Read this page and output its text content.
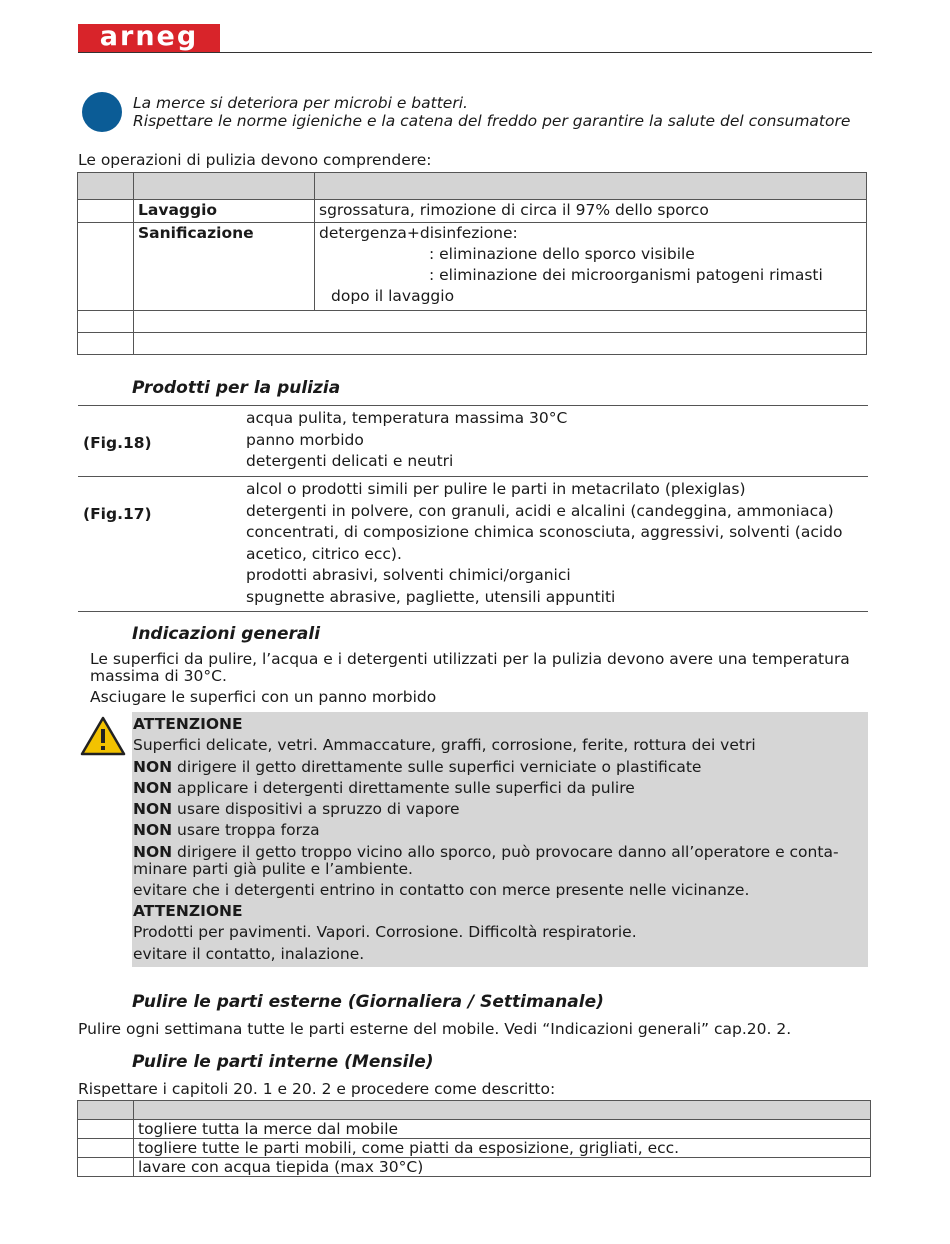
arneg
La merce si deteriora per microbi e batteri.
Rispettare le norme igieniche e la catena del freddo per garantire la salute del consumatore
Le operazioni di pulizia devono comprendere:

	Lavaggio	sgrossatura, rimozione di circa il 97% dello sporco
	Sanificazione	detergenza+disinfezione:
: eliminazione dello sporco visibile
: eliminazione dei microorganismi patogeni rimasti
dopo il lavaggio

Prodotti per la pulizia
(Fig.18)
acqua pulita, temperatura massima 30°C
panno morbido
detergenti delicati e neutri
(Fig.17)
alcol o prodotti simili per pulire le parti in metacrilato (plexiglas)
detergenti in polvere, con granuli, acidi e alcalini (candeggina, ammoniaca)
concentrati, di composizione chimica sconosciuta, aggressivi, solventi (acido
acetico, citrico ecc).
prodotti abrasivi, solventi chimici/organici
spugnette abrasive, pagliette, utensili appuntiti
Indicazioni generali
Le superfici da pulire, l’acqua e i detergenti utilizzati per la pulizia devono avere una temperatura
massima di 30°C.
Asciugare le superfici con un panno morbido
ATTENZIONE
Superfici delicate, vetri. Ammaccature, graffi, corrosione, ferite, rottura dei vetri
NON dirigere il getto direttamente sulle superfici verniciate o plastificate
NON applicare i detergenti direttamente sulle superfici da pulire
NON usare dispositivi a spruzzo di vapore
NON usare troppa forza
NON dirigere il getto troppo vicino allo sporco, può provocare danno all’operatore e conta-
minare parti già pulite e l’ambiente.
evitare che i detergenti entrino in contatto con merce presente nelle vicinanze.
ATTENZIONE
Prodotti per pavimenti. Vapori. Corrosione. Difficoltà respiratorie.
evitare il contatto, inalazione.
Pulire le parti esterne (Giornaliera / Settimanale)
Pulire ogni settimana tutte le parti esterne del mobile. Vedi “Indicazioni generali” cap.20. 2.
Pulire le parti interne (Mensile)
Rispettare i capitoli 20. 1 e 20. 2 e procedere come descritto:

	togliere tutta la merce dal mobile
	togliere tutte le parti mobili, come piatti da esposizione, grigliati, ecc.
	lavare con acqua tiepida (max 30°C)
